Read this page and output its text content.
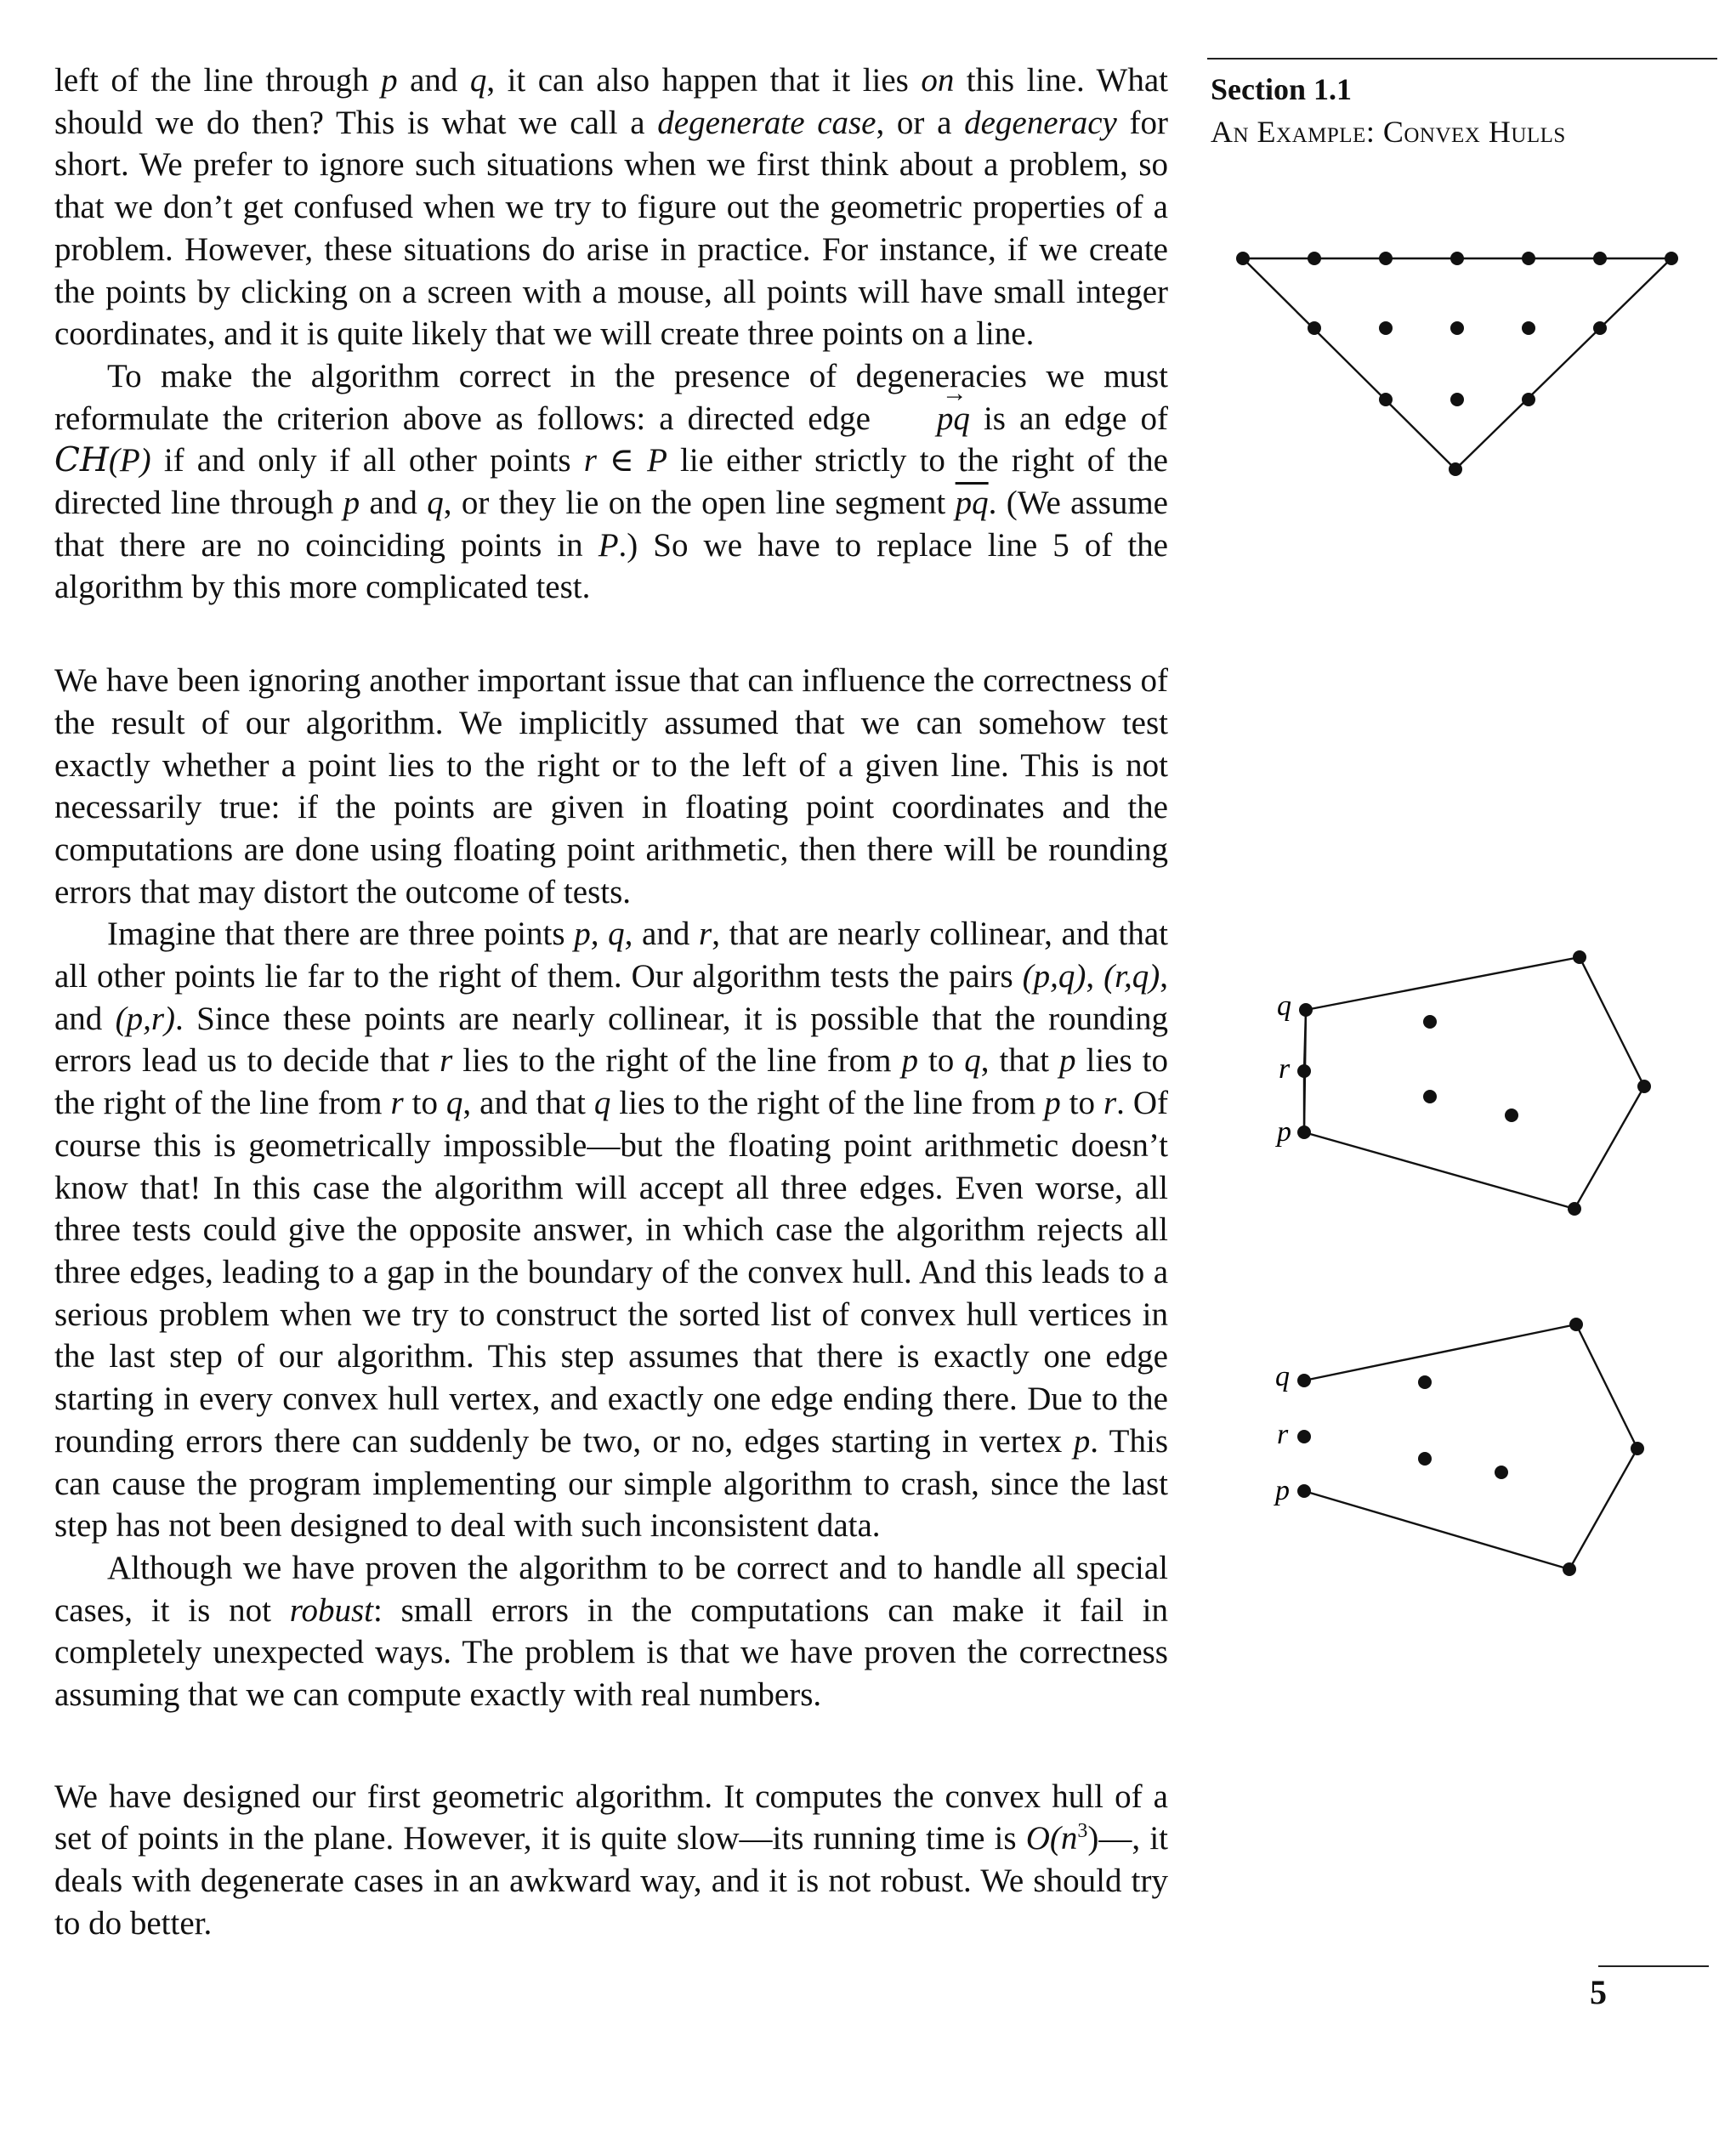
left of the line through p and q, it can also happen that it lies on this line. What should we do then? This is what we call a degenerate case, or a degeneracy for short. We prefer to ignore such situations when we first think about a problem, so that we don’t get confused when we try to figure out the geometric properties of a problem. However, these situations do arise in practice. For instance, if we create the points by clicking on a screen with a mouse, all points will have small integer coordinates, and it is quite likely that we will create three points on a line.

To make the algorithm correct in the presence of degeneracies we must reformulate the criterion above as follows: a directed edge → pq is an edge of CH(P) if and only if all other points r ∈ P lie either strictly to the right of the directed line through p and q, or they lie on the open line segment $\overline{pq}$. (We assume that there are no coinciding points in P.) So we have to replace line 5 of the algorithm by this more complicated test.

We have been ignoring another important issue that can influence the correctness of the result of our algorithm. We implicitly assumed that we can somehow test exactly whether a point lies to the right or to the left of a given line. This is not necessarily true: if the points are given in floating point coordinates and the computations are done using floating point arithmetic, then there will be rounding errors that may distort the outcome of tests.

Imagine that there are three points p, q, and r, that are nearly collinear, and that all other points lie far to the right of them. Our algorithm tests the pairs (p,q), (r,q), and (p,r). Since these points are nearly collinear, it is possible that the rounding errors lead us to decide that r lies to the right of the line from p to q, that p lies to the right of the line from r to q, and that q lies to the right of the line from p to r. Of course this is geometrically impossible—but the floating point arithmetic doesn’t know that! In this case the algorithm will accept all three edges. Even worse, all three tests could give the opposite answer, in which case the algorithm rejects all three edges, leading to a gap in the boundary of the convex hull. And this leads to a serious problem when we try to construct the sorted list of convex hull vertices in the last step of our algorithm. This step assumes that there is exactly one edge starting in every convex hull vertex, and exactly one edge ending there. Due to the rounding errors there can suddenly be two, or no, edges starting in vertex p. This can cause the program implementing our simple algorithm to crash, since the last step has not been designed to deal with such inconsistent data.

Although we have proven the algorithm to be correct and to handle all special cases, it is not robust: small errors in the computations can make it fail in completely unexpected ways. The problem is that we have proven the correctness assuming that we can compute exactly with real numbers.

We have designed our first geometric algorithm. It computes the convex hull of a set of points in the plane. However, it is quite slow—its running time is $O(n^3)—$, it deals with degenerate cases in an awkward way, and it is not robust. We should try to do better.

Section 1.1
An Example: Convex Hulls
q
r
p
q
r
p
5
